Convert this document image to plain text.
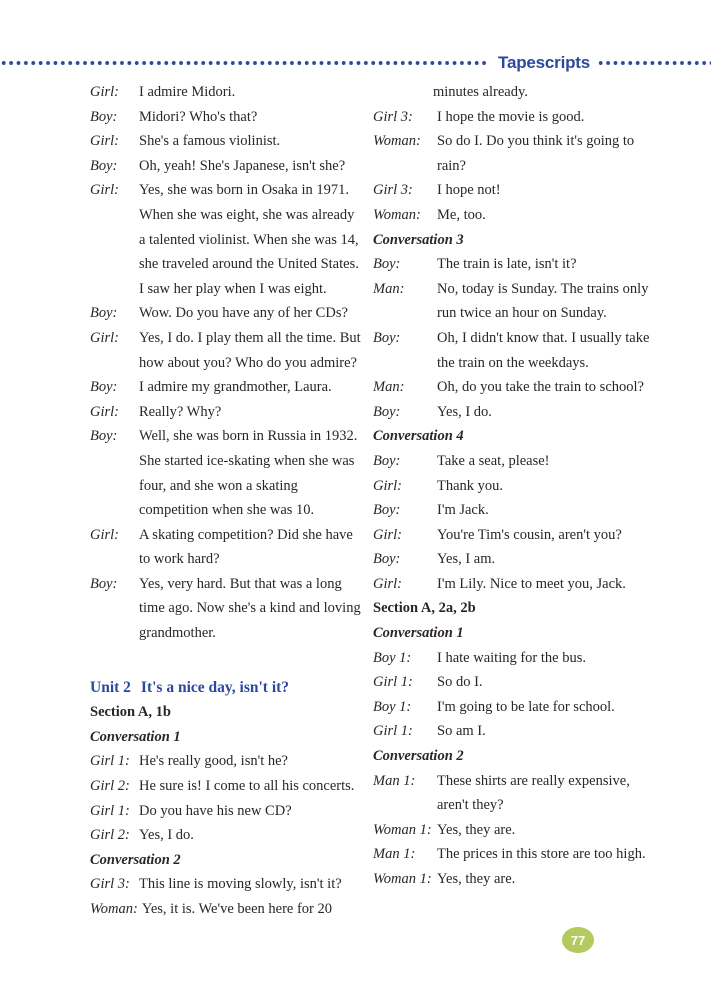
Tapescripts
Girl:	I admire Midori.
Boy:	Midori? Who's that?
Girl:	She's a famous violinist.
Boy:	Oh, yeah! She's Japanese, isn't she?
Girl:	Yes, she was born in Osaka in 1971. When she was eight, she was already a talented violinist. When she was 14, she traveled around the United States. I saw her play when I was eight.
Boy:	Wow. Do you have any of her CDs?
Girl:	Yes, I do. I play them all the time. But how about you? Who do you admire?
Boy:	I admire my grandmother, Laura.
Girl:	Really? Why?
Boy:	Well, she was born in Russia in 1932. She started ice-skating when she was four, and she won a skating competition when she was 10.
Girl:	A skating competition? Did she have to work hard?
Boy:	Yes, very hard. But that was a long time ago. Now she's a kind and loving grandmother.
Unit 2 It's a nice day, isn't it?
Section A, 1b
Conversation 1
Girl 1: He's really good, isn't he?
Girl 2: He sure is! I come to all his concerts.
Girl 1: Do you have his new CD?
Girl 2: Yes, I do.
Conversation 2
Girl 3: This line is moving slowly, isn't it?
Woman: Yes, it is. We've been here for 20
minutes already.
Girl 3:	I hope the movie is good.
Woman:	So do I. Do you think it's going to rain?
Girl 3:	I hope not!
Woman:	Me, too.
Conversation 3
Boy:	The train is late, isn't it?
Man:	No, today is Sunday. The trains only run twice an hour on Sunday.
Boy:	Oh, I didn't know that. I usually take the train on the weekdays.
Man:	Oh, do you take the train to school?
Boy:	Yes, I do.
Conversation 4
Boy:	Take a seat, please!
Girl:	Thank you.
Boy:	I'm Jack.
Girl:	You're Tim's cousin, aren't you?
Boy:	Yes, I am.
Girl:	I'm Lily. Nice to meet you, Jack.
Section A, 2a, 2b
Conversation 1
Boy 1:	I hate waiting for the bus.
Girl 1:	So do I.
Boy 1:	I'm going to be late for school.
Girl 1:	So am I.
Conversation 2
Man 1:	These shirts are really expensive, aren't they?
Woman 1: Yes, they are.
Man 1:	The prices in this store are too high.
Woman 1: Yes, they are.
77
